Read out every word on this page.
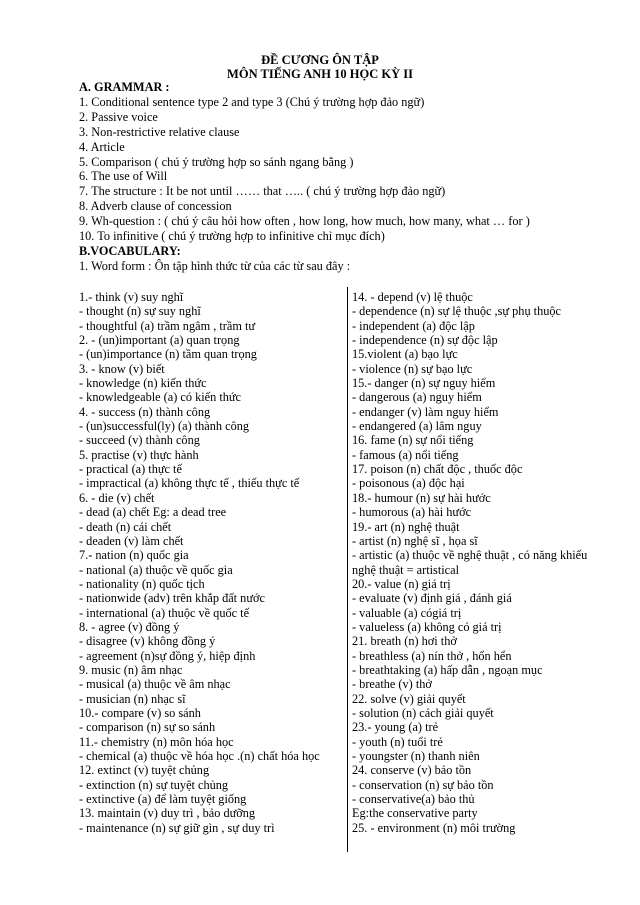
ĐỀ CƯƠNG ÔN TẬP
MÔN TIẾNG ANH 10 HỌC KỲ II
A. GRAMMAR :
1. Conditional sentence type 2 and type 3 (Chú ý trường hợp đảo ngữ)
2. Passive voice
3. Non-restrictive relative clause
4. Article
5. Comparison ( chú ý trường hợp so sánh ngang bằng )
6. The use of Will
7. The structure : It be not until …… that ….. ( chú ý trường hợp đảo ngữ)
8. Adverb clause of concession
9. Wh-question : ( chú ý câu hỏi how often , how long, how much, how many, what … for )
10. To infinitive ( chú ý trường hợp to infinitive chỉ mục đích)
B.VOCABULARY:
1. Word form : Ôn tập hình thức từ của các từ sau đây :
1.- think (v) suy nghĩ
- thought (n) sự suy nghĩ
- thoughtful (a) trầm ngâm , trầm tư
2. - (un)important (a) quan trọng
- (un)importance (n) tầm quan trọng
3. - know (v) biết
- knowledge (n) kiến thức
- knowledgeable (a) có kiến thức
4. - success (n) thành công
- (un)successful(ly) (a) thành công
- succeed (v) thành công
5. practise (v) thực hành
- practical (a) thực tế
- impractical (a) không thực tế , thiếu thực tế
6. - die (v) chết
- dead (a) chết Eg: a dead tree
- death (n) cái chết
- deaden (v) làm chết
7.- nation (n) quốc gia
- national (a) thuộc về quốc gia
- nationality (n) quốc tịch
- nationwide (adv) trên khắp đất nước
- international (a) thuộc về quốc tế
8. - agree (v) đồng ý
- disagree (v) không đồng ý
- agreement (n)sự đồng ý, hiệp định
9. music (n) âm nhạc
- musical (a) thuộc về âm nhạc
- musician (n) nhạc sĩ
10.- compare (v) so sánh
- comparison (n) sự so sánh
11.- chemistry (n) môn hóa học
- chemical (a) thuộc về hóa học .(n) chất hóa học
12. extinct (v) tuyệt chủng
- extinction (n) sự tuyệt chủng
- extinctive (a) để làm tuyệt giống
13. maintain (v) duy trì , bảo dưỡng
- maintenance (n) sự giữ gìn , sự duy trì
14. - depend (v) lệ thuộc
- dependence (n) sự lệ thuộc ,sự phụ thuộc
- independent (a) độc lập
- independence (n) sự độc lập
15.violent (a) bạo lực
- violence (n) sự bạo lực
15.- danger (n) sự nguy hiểm
- dangerous (a) nguy hiểm
- endanger (v) làm nguy hiểm
- endangered (a) lâm nguy
16. fame (n) sự nổi tiếng
- famous (a) nổi tiếng
17. poison (n) chất độc , thuốc độc
- poisonous (a) độc hại
18.- humour (n) sự hài hước
- humorous (a) hài hước
19.- art (n) nghệ thuật
- artist (n) nghệ sĩ , họa sĩ
- artistic (a) thuộc về nghệ thuật , có năng khiếu
nghệ thuật = artistical
20.- value (n) giá trị
- evaluate (v) định giá , đánh giá
- valuable (a) cógiá trị
- valueless (a) không có giá trị
21. breath (n) hơi thở
- breathless (a) nín thở , hổn hển
- breathtaking (a) hấp dẫn , ngoạn mục
- breathe (v) thở
22. solve (v) giải quyết
- solution (n) cách giải quyết
23.- young (a) trẻ
- youth (n) tuổi trẻ
- youngster (n) thanh niên
24. conserve (v) bảo tồn
- conservation (n) sự bảo tồn
- conservative(a) bảo thủ
Eg:the conservative party
25. - environment (n) môi trường
